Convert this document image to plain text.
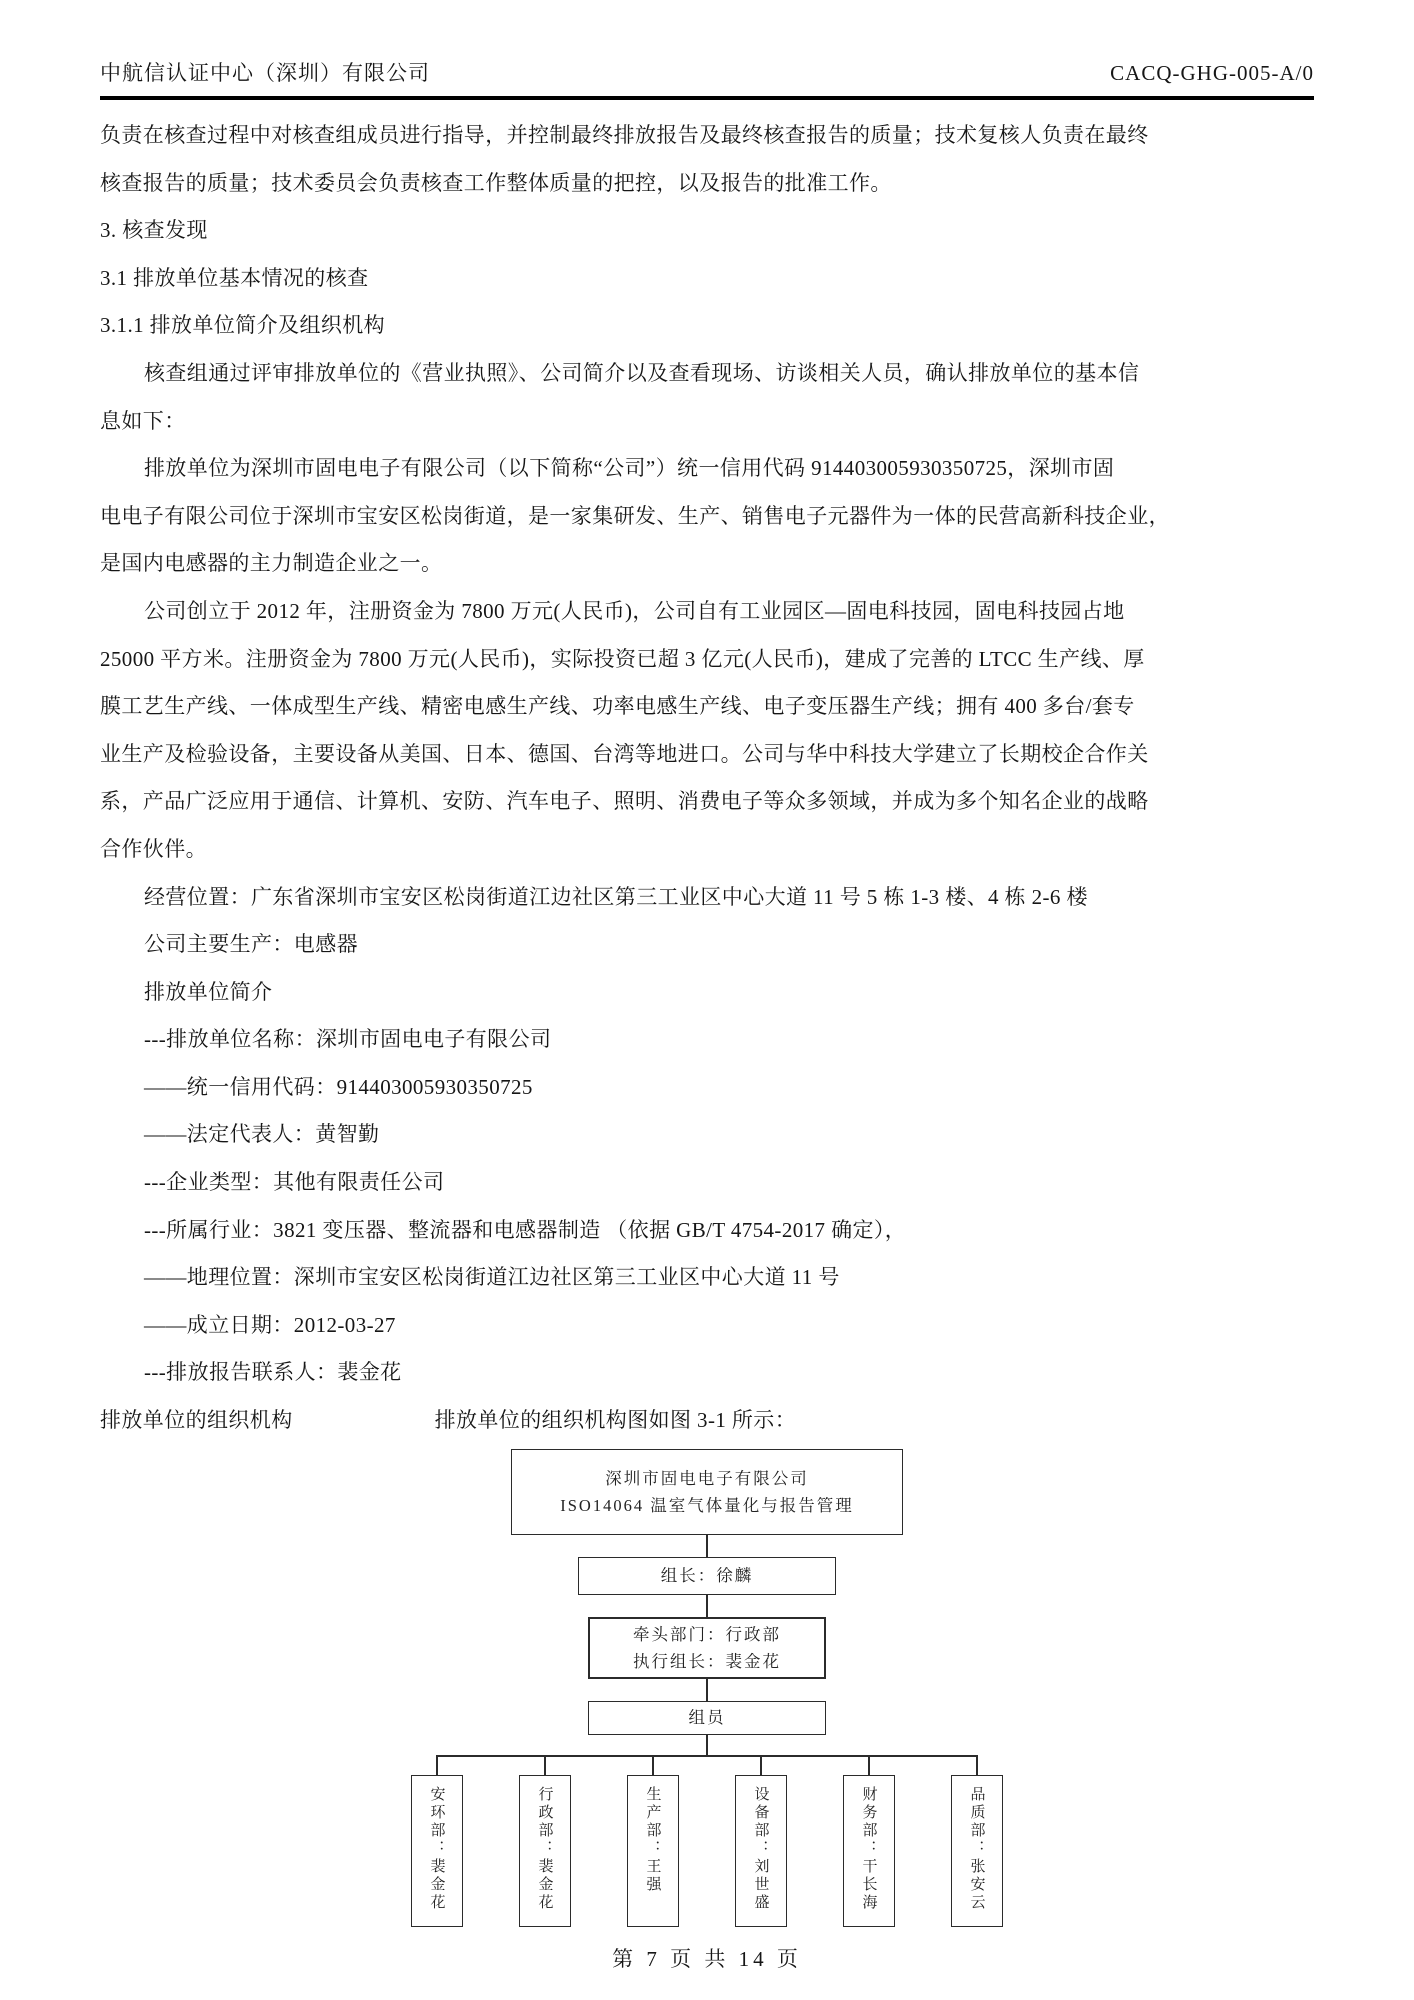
中航信认证中心（深圳）有限公司	CACQ-GHG-005-A/0
负责在核查过程中对核查组成员进行指导，并控制最终排放报告及最终核查报告的质量；技术复核人负责在最终
核查报告的质量；技术委员会负责核查工作整体质量的把控，以及报告的批准工作。
3. 核查发现
3.1 排放单位基本情况的核查
3.1.1 排放单位简介及组织机构
核查组通过评审排放单位的《营业执照》、公司简介以及查看现场、访谈相关人员，确认排放单位的基本信
息如下：
排放单位为深圳市固电电子有限公司（以下简称“公司”）统一信用代码 914403005930350725，深圳市固
电电子有限公司位于深圳市宝安区松岗街道，是一家集研发、生产、销售电子元器件为一体的民营高新科技企业，
是国内电感器的主力制造企业之一。
公司创立于 2012 年，注册资金为 7800 万元(人民币)，公司自有工业园区—固电科技园，固电科技园占地
25000 平方米。注册资金为 7800 万元(人民币)，实际投资已超 3 亿元(人民币)，建成了完善的 LTCC 生产线、厚
膜工艺生产线、一体成型生产线、精密电感生产线、功率电感生产线、电子变压器生产线；拥有 400 多台/套专
业生产及检验设备，主要设备从美国、日本、德国、台湾等地进口。公司与华中科技大学建立了长期校企合作关
系，产品广泛应用于通信、计算机、安防、汽车电子、照明、消费电子等众多领域，并成为多个知名企业的战略
合作伙伴。
经营位置：广东省深圳市宝安区松岗街道江边社区第三工业区中心大道 11 号 5 栋 1-3 楼、4 栋 2-6 楼
公司主要生产：电感器
排放单位简介
---排放单位名称：深圳市固电电子有限公司
——统一信用代码：914403005930350725
——法定代表人：黄智勤
---企业类型：其他有限责任公司
---所属行业：3821 变压器、整流器和电感器制造 （依据 GB/T 4754-2017 确定），
——地理位置：深圳市宝安区松岗街道江边社区第三工业区中心大道 11 号
——成立日期：2012-03-27
---排放报告联系人：裴金花
排放单位的组织机构	排放单位的组织机构图如图 3-1 所示：
深圳市固电电子有限公司
ISO14064 温室气体量化与报告管理
组长：徐麟
牵头部门：行政部
执行组长：裴金花
组员
安环部：裴金花	行政部：裴金花	生产部：王强	设备部：刘世盛	财务部：干长海	品质部：张安云
第 7 页 共 14 页
